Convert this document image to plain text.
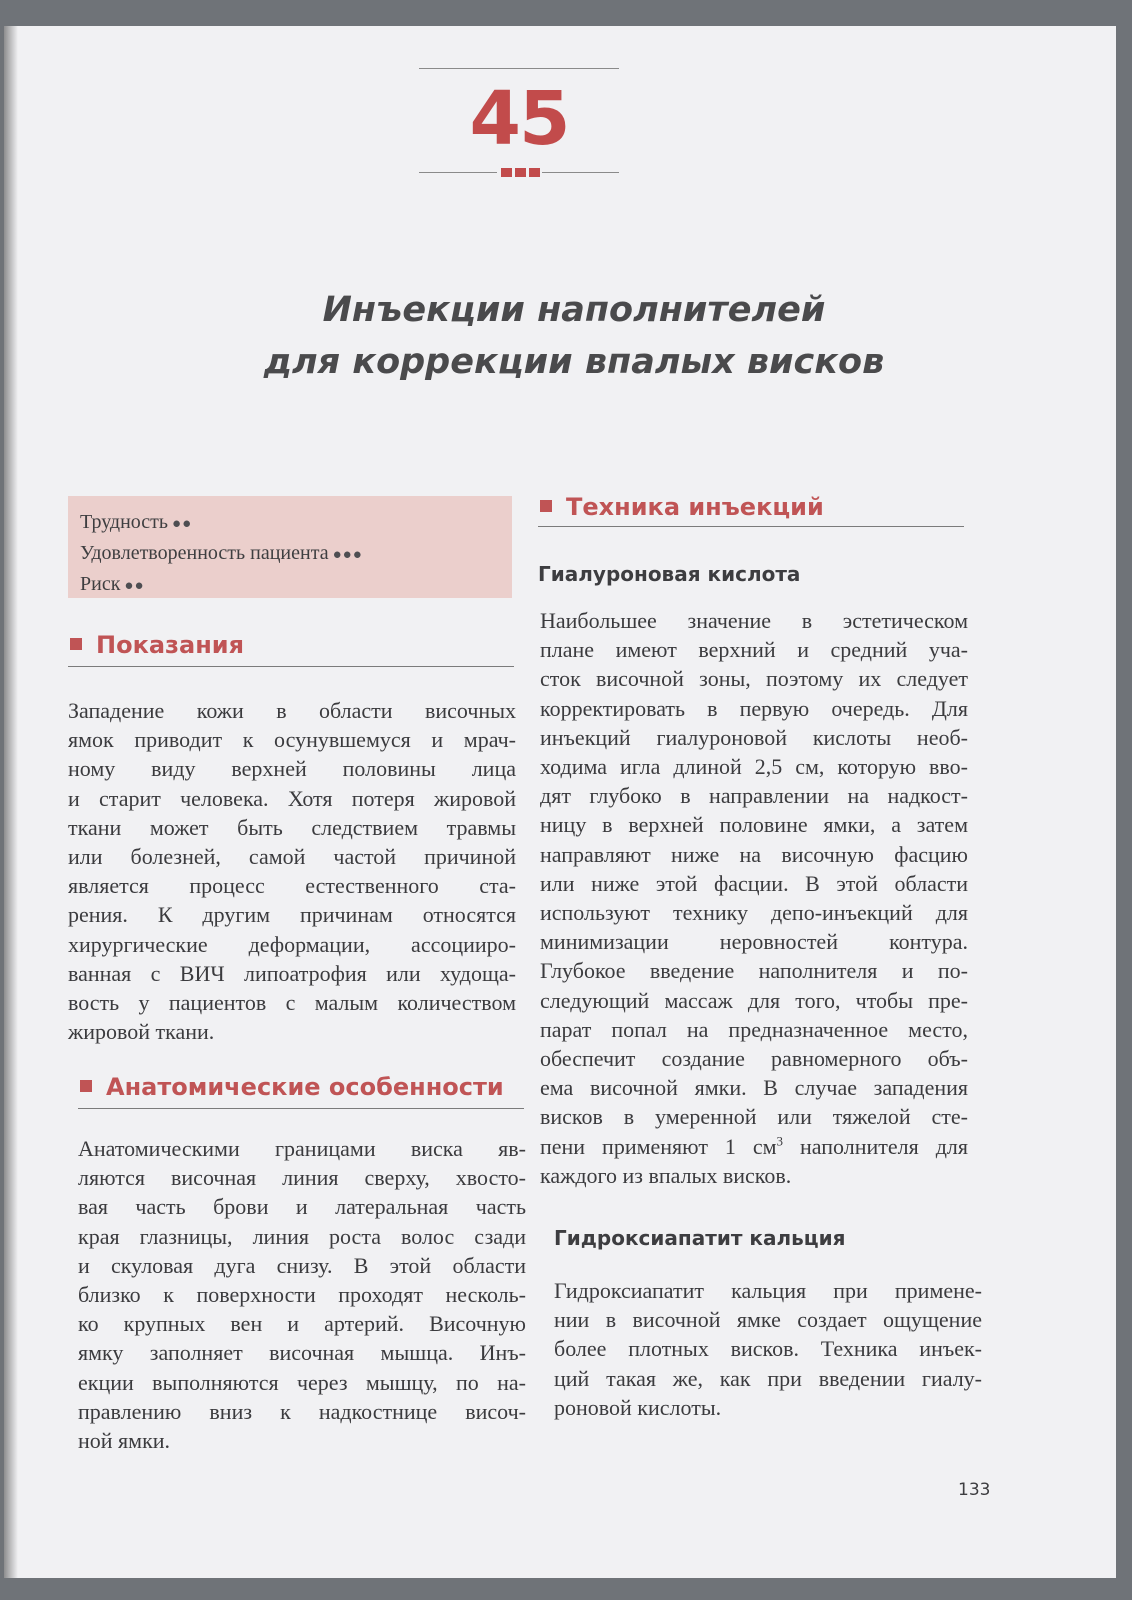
45
Инъекции наполнителей
для коррекции впалых висков
Трудность ●●
Удовлетворенность пациента ●●●
Риск ●●
Показания
Западение кожи в области височных
ямок приводит к осунувшемуся и мрач-
ному виду верхней половины лица
и старит человека. Хотя потеря жировой
ткани может быть следствием травмы
или болезней, самой частой причиной
является процесс естественного ста-
рения. К другим причинам относятся
хирургические деформации, ассоцииро-
ванная с ВИЧ липоатрофия или худоща-
вость у пациентов с малым количеством
жировой ткани.
Анатомические особенности
Анатомическими границами виска яв-
ляются височная линия сверху, хвосто-
вая часть брови и латеральная часть
края глазницы, линия роста волос сзади
и скуловая дуга снизу. В этой области
близко к поверхности проходят несколь-
ко крупных вен и артерий. Височную
ямку заполняет височная мышца. Инъ-
екции выполняются через мышцу, по на-
правлению вниз к надкостнице височ-
ной ямки.
Техника инъекций
Гиалуроновая кислота
Наибольшее значение в эстетическом
плане имеют верхний и средний уча-
сток височной зоны, поэтому их следует
корректировать в первую очередь. Для
инъекций гиалуроновой кислоты необ-
ходима игла длиной 2,5 см, которую вво-
дят глубоко в направлении на надкост-
ницу в верхней половине ямки, а затем
направляют ниже на височную фасцию
или ниже этой фасции. В этой области
используют технику депо-инъекций для
минимизации неровностей контура.
Глубокое введение наполнителя и по-
следующий массаж для того, чтобы пре-
парат попал на предназначенное место,
обеспечит создание равномерного объ-
ема височной ямки. В случае западения
висков в умеренной или тяжелой сте-
пени применяют 1 $см^3$ наполнителя для
каждого из впалых висков.
Гидроксиапатит кальция
Гидроксиапатит кальция при примене-
нии в височной ямке создает ощущение
более плотных висков. Техника инъек-
ций такая же, как при введении гиалу-
роновой кислоты.
133
